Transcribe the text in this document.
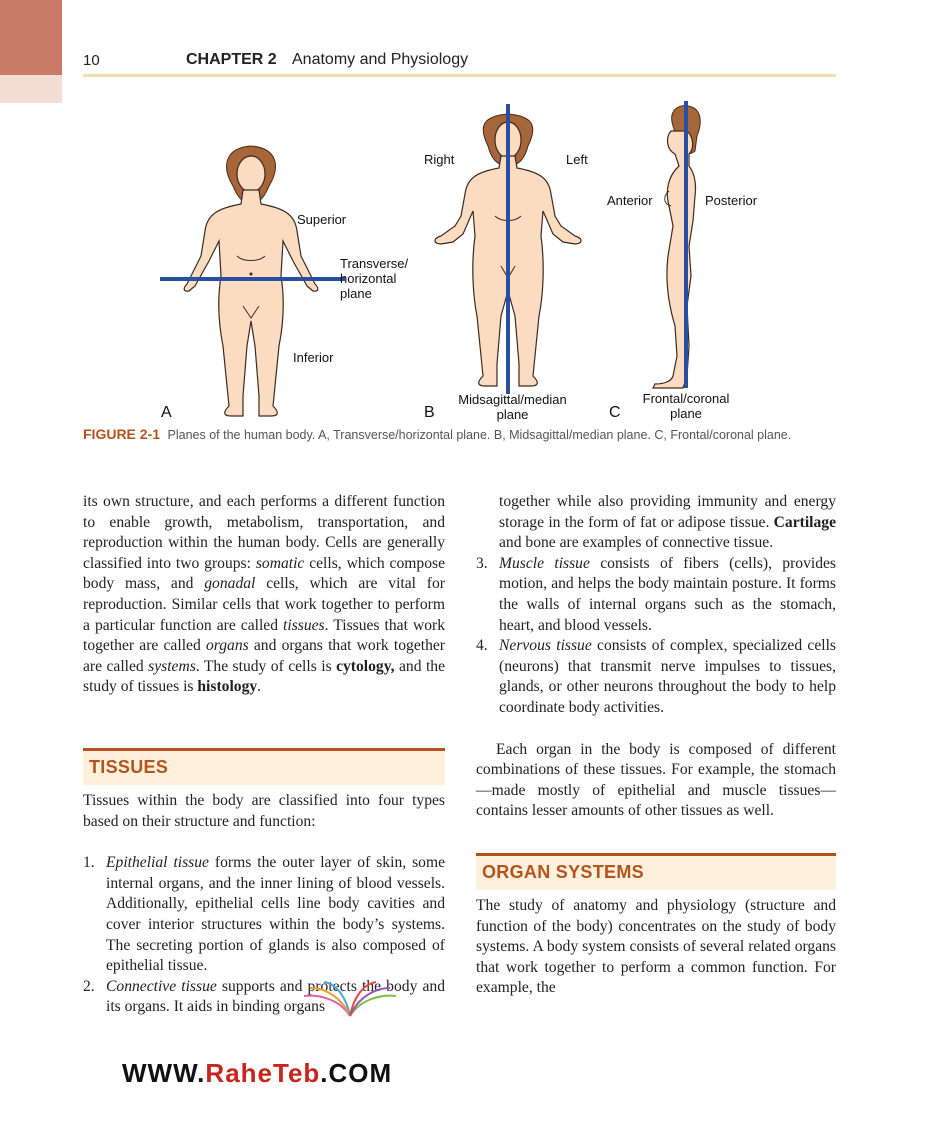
10	CHAPTER 2 Anatomy and Physiology
Superior
Transverse/
horizontal
plane
Inferior
Right	Left
Midsagittal/median
plane
Anterior	Posterior
Frontal/coronal
plane
A	B	C
FIGURE 2-1 Planes of the human body. A, Transverse/horizontal plane. B, Midsagittal/median plane. C, Frontal/coronal plane.

its own structure, and each performs a different function to enable growth, metabolism, transportation, and reproduction within the human body. Cells are generally classified into two groups: somatic cells, which compose body mass, and gonadal cells, which are vital for reproduction. Similar cells that work together to perform a particular function are called tissues. Tissues that work together are called organs and organs that work together are called systems. The study of cells is cytology, and the study of tissues is histology.

TISSUES

Tissues within the body are classified into four types based on their structure and function:

1. Epithelial tissue forms the outer layer of skin, some internal organs, and the inner lining of blood vessels. Additionally, epithelial cells line body cavities and cover interior structures within the body’s systems. The secreting portion of glands is also composed of epithelial tissue.
2. Connective tissue supports and protects the body and its organs. It aids in binding organs
together while also providing immunity and energy storage in the form of fat or adipose tissue. Cartilage and bone are examples of connective tissue.
3. Muscle tissue consists of fibers (cells), provides motion, and helps the body maintain posture. It forms the walls of internal organs such as the stomach, heart, and blood vessels.
4. Nervous tissue consists of complex, specialized cells (neurons) that transmit nerve impulses to tissues, glands, or other neurons throughout the body to help coordinate body activities.

Each organ in the body is composed of different combinations of these tissues. For example, the stomach—made mostly of epithelial and muscle tissues—contains lesser amounts of other tissues as well.

ORGAN SYSTEMS

The study of anatomy and physiology (structure and function of the body) concentrates on the study of body systems. A body system consists of several related organs that work together to perform a common function. For example, the

WWW.RaheTeb.COM
